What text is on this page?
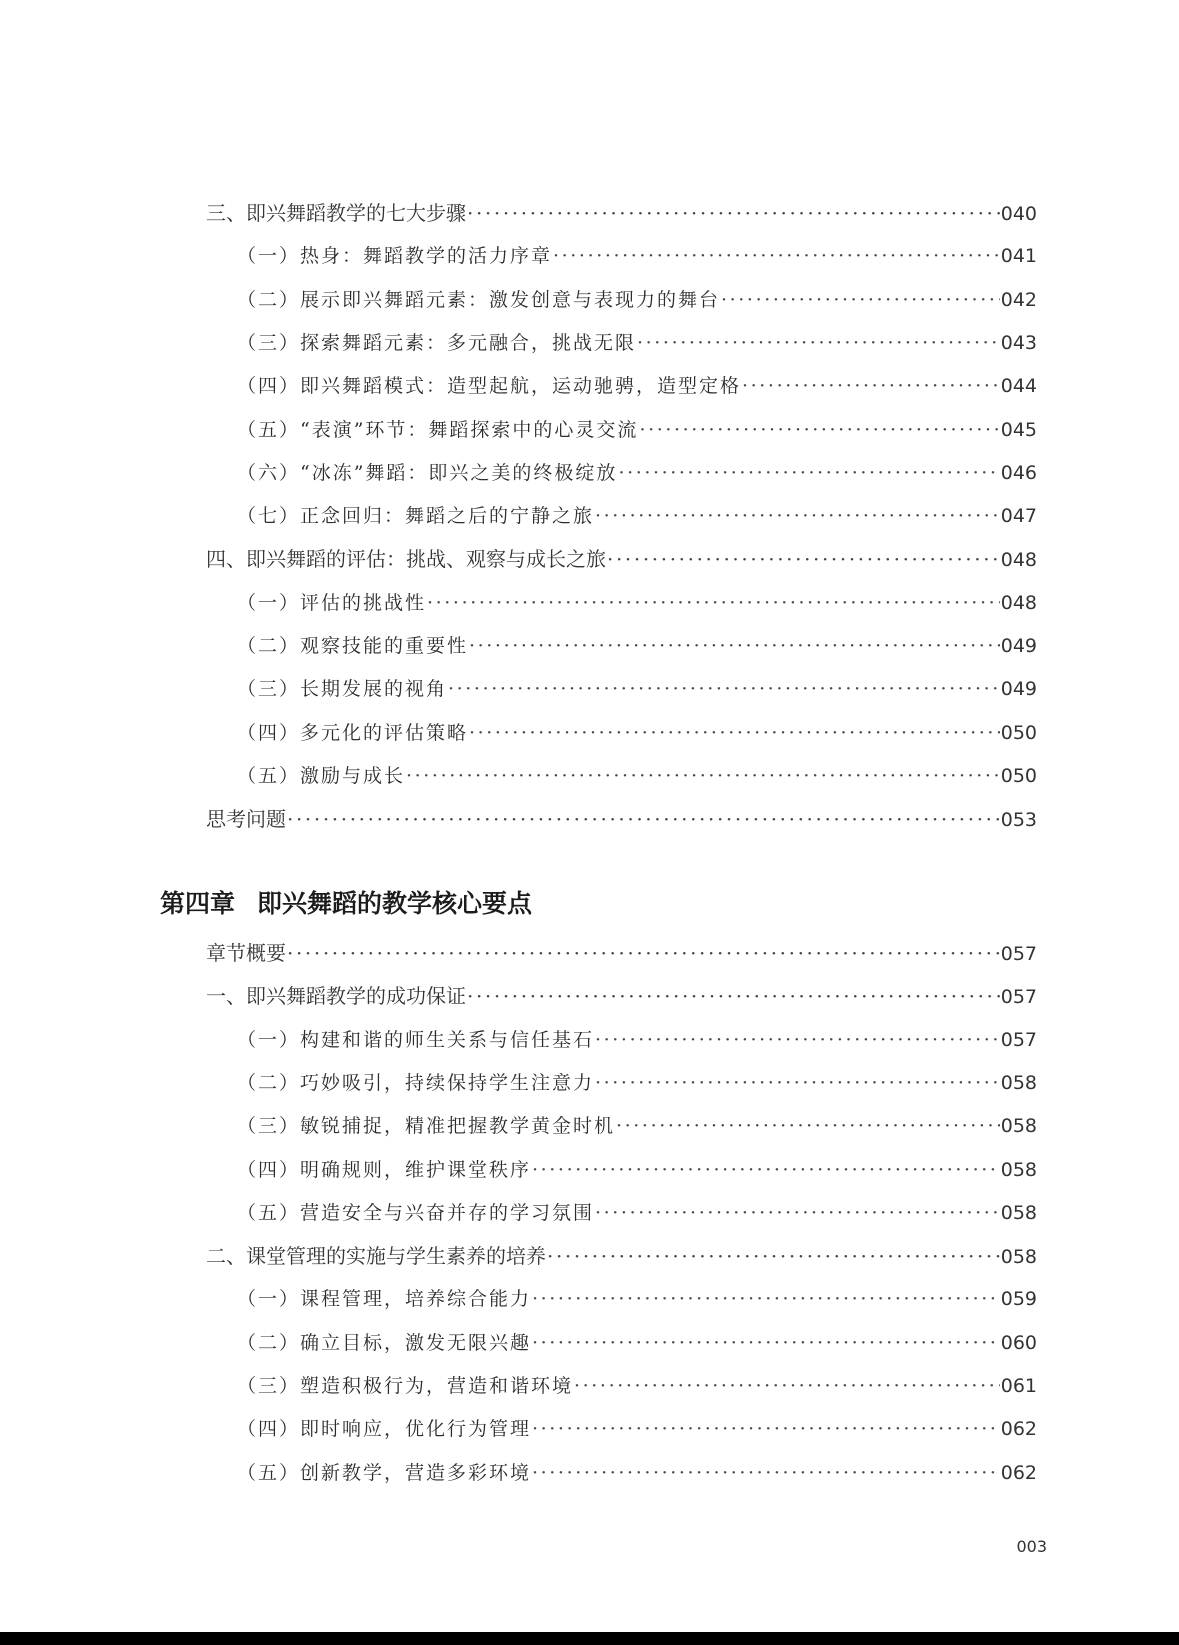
三、即兴舞蹈教学的七大步骤 ·····	040
（一）热身：舞蹈教学的活力序章 ·····	041
（二）展示即兴舞蹈元素：激发创意与表现力的舞台 ·····	042
（三）探索舞蹈元素：多元融合，挑战无限 ·····	043
（四）即兴舞蹈模式：造型起航，运动驰骋，造型定格 ·····	044
（五）“表演”环节：舞蹈探索中的心灵交流 ·····	045
（六）“冰冻”舞蹈：即兴之美的终极绽放 ·····	046
（七）正念回归：舞蹈之后的宁静之旅 ·····	047
四、即兴舞蹈的评估：挑战、观察与成长之旅 ·····	048
（一）评估的挑战性 ·····	048
（二）观察技能的重要性 ·····	049
（三）长期发展的视角 ·····	049
（四）多元化的评估策略 ·····	050
（五）激励与成长 ·····	050
思考问题 ·····	053
第四章 即兴舞蹈的教学核心要点
章节概要 ·····	057
一、即兴舞蹈教学的成功保证 ·····	057
（一）构建和谐的师生关系与信任基石 ·····	057
（二）巧妙吸引，持续保持学生注意力 ·····	058
（三）敏锐捕捉，精准把握教学黄金时机 ·····	058
（四）明确规则，维护课堂秩序 ·····	058
（五）营造安全与兴奋并存的学习氛围 ·····	058
二、课堂管理的实施与学生素养的培养 ·····	058
（一）课程管理，培养综合能力 ·····	059
（二）确立目标，激发无限兴趣 ·····	060
（三）塑造积极行为，营造和谐环境 ·····	061
（四）即时响应，优化行为管理 ·····	062
（五）创新教学，营造多彩环境 ·····	062
003
